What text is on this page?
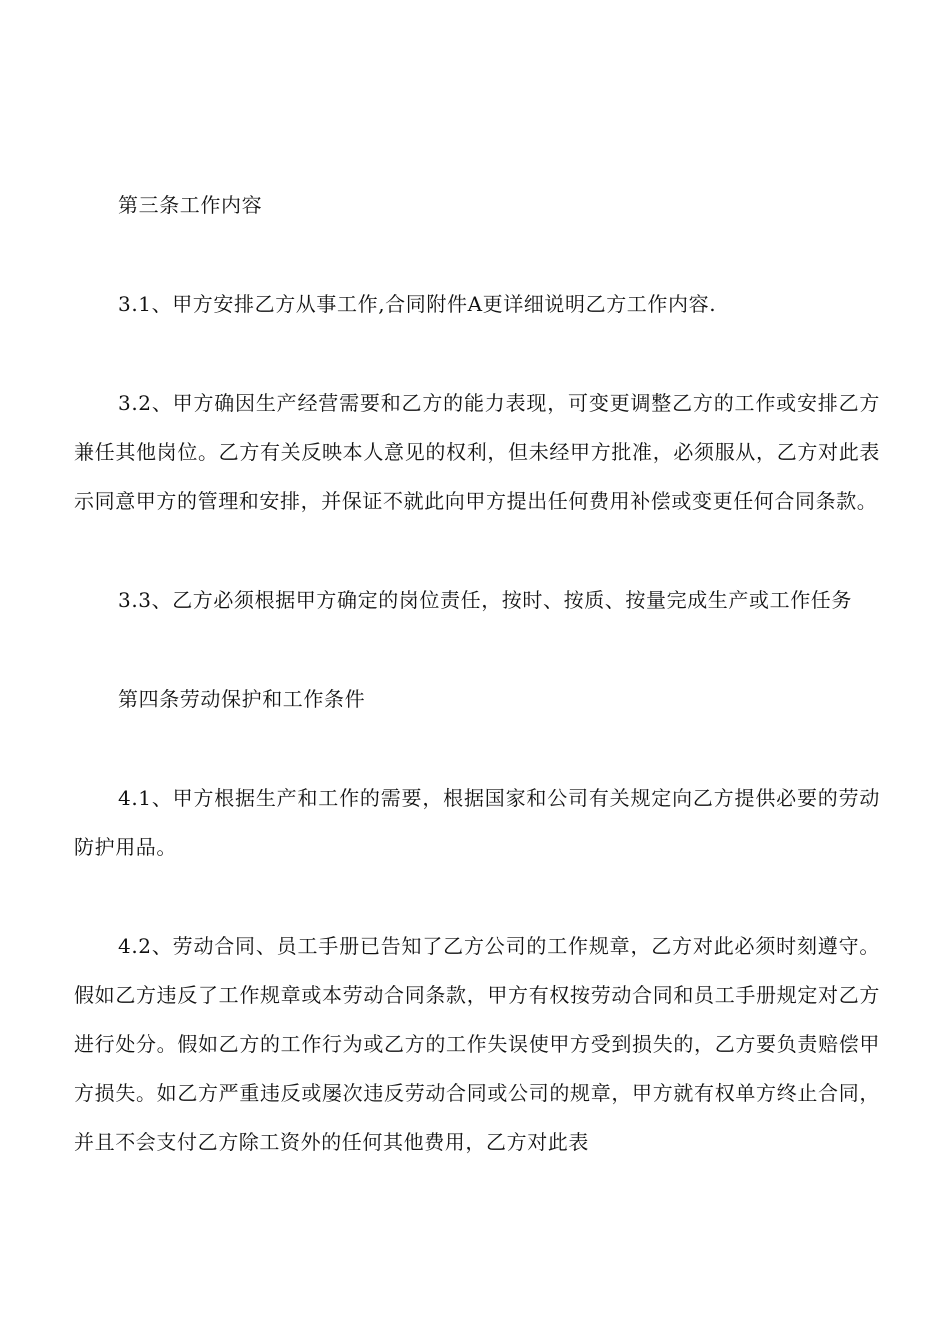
第三条工作内容

3.1、甲方安排乙方从事工作,合同附件A更详细说明乙方工作内容.

3.2、甲方确因生产经营需要和乙方的能力表现，可变更调整乙方的工作或安排乙方兼任其他岗位。乙方有关反映本人意见的权利，但未经甲方批准，必须服从，乙方对此表示同意甲方的管理和安排，并保证不就此向甲方提出任何费用补偿或变更任何合同条款。

3.3、乙方必须根据甲方确定的岗位责任，按时、按质、按量完成生产或工作任务

第四条劳动保护和工作条件

4.1、甲方根据生产和工作的需要，根据国家和公司有关规定向乙方提供必要的劳动防护用品。

4.2、劳动合同、员工手册已告知了乙方公司的工作规章，乙方对此必须时刻遵守。假如乙方违反了工作规章或本劳动合同条款，甲方有权按劳动合同和员工手册规定对乙方进行处分。假如乙方的工作行为或乙方的工作失误使甲方受到损失的，乙方要负责赔偿甲方损失。如乙方严重违反或屡次违反劳动合同或公司的规章，甲方就有权单方终止合同，并且不会支付乙方除工资外的任何其他费用，乙方对此表
